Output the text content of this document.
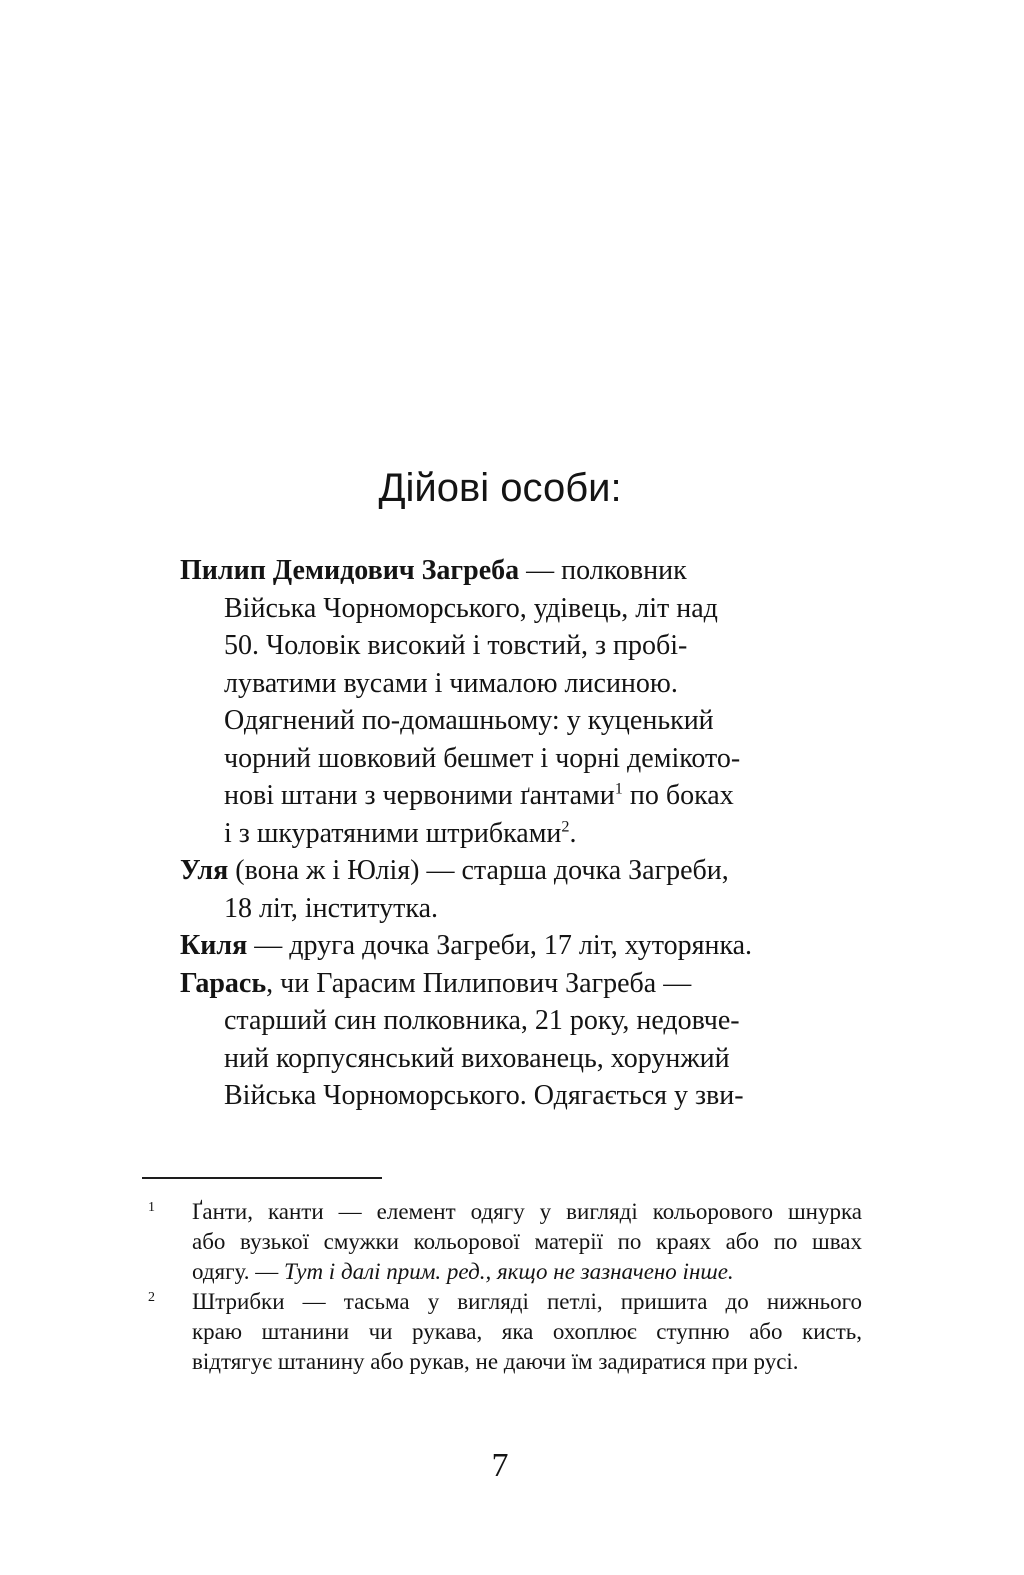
Дійові особи:
Пилип Демидович Загреба — полковник
Війська Чорноморського, удівець, літ над
50. Чоловік високий і товстий, з пробі-
луватими вусами і чималою лисиною.
Одягнений по-домашньому: у куценький
чорний шовковий бешмет і чорні демікото-
нові штани з червоними ґантами$^1$ по боках
і з шкуратяними штрибками$^2$.
Уля (вона ж і Юлія) — старша дочка Загреби,
18 літ, інститутка.
Киля — друга дочка Загреби, 17 літ, хуторянка.
Гарась, чи Гарасим Пилипович Загреба —
старший син полковника, 21 року, недовче-
ний корпусянський вихованець, хорунжий
Війська Чорноморського. Одягається у зви-
1 Ґанти, канти — елемент одягу у вигляді кольорового шнурка
або вузької смужки кольорової матерії по краях або по швах
одягу. — Тут і далі прим. ред., якщо не зазначено інше.
2 Штрибки — тасьма у вигляді петлі, пришита до нижнього
краю штанини чи рукава, яка охоплює ступню або кисть,
відтягує штанину або рукав, не даючи їм задиратися при русі.
7
